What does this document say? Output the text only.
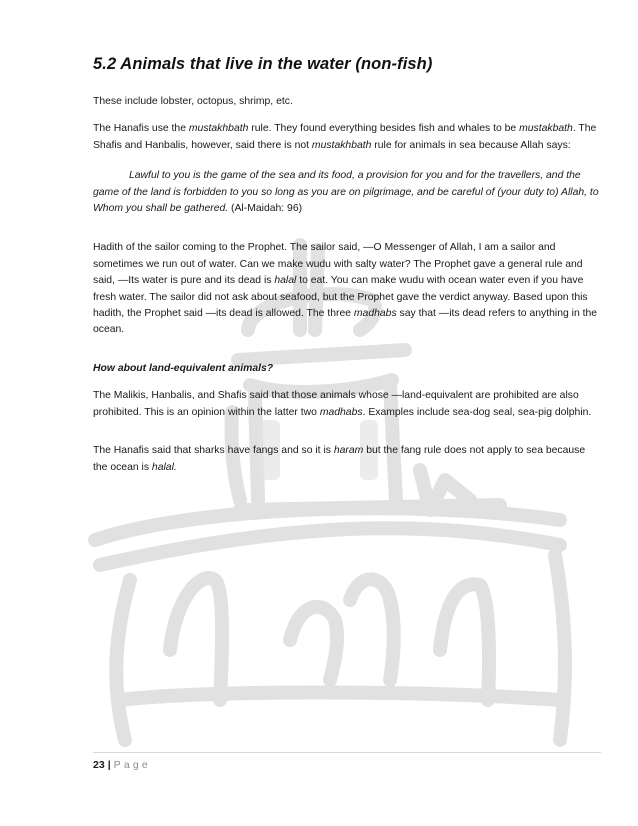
5.2 Animals that live in the water (non-fish)

These include lobster, octopus, shrimp, etc.

The Hanafis use the mustakhbath rule. They found everything besides fish and whales to be mustakbath. The Shafis and Hanbalis, however, said there is not mustakhbath rule for animals in sea because Allah says:

Lawful to you is the game of the sea and its food, a provision for you and for the travellers, and the game of the land is forbidden to you so long as you are on pilgrimage, and be careful of (your duty to) Allah, to Whom you shall be gathered. (Al-Maidah: 96)

Hadith of the sailor coming to the Prophet. The sailor said, ―O Messenger of Allah, I am a sailor and sometimes we run out of water. Can we make wudu with salty water? The Prophet gave a general rule and said, ―Its water is pure and its dead is halal to eat. You can make wudu with ocean water even if you have fresh water. The sailor did not ask about seafood, but the Prophet gave the verdict anyway. Based upon this hadith, the Prophet said ―its dead is allowed. The three madhabs say that ―its dead refers to anything in the ocean.

How about land-equivalent animals?

The Malikis, Hanbalis, and Shafis said that those animals whose ―land-equivalent are prohibited are also prohibited. This is an opinion within the latter two madhabs. Examples include sea-dog seal, sea-pig dolphin.

The Hanafis said that sharks have fangs and so it is haram but the fang rule does not apply to sea because the ocean is halal.

23 | Page
